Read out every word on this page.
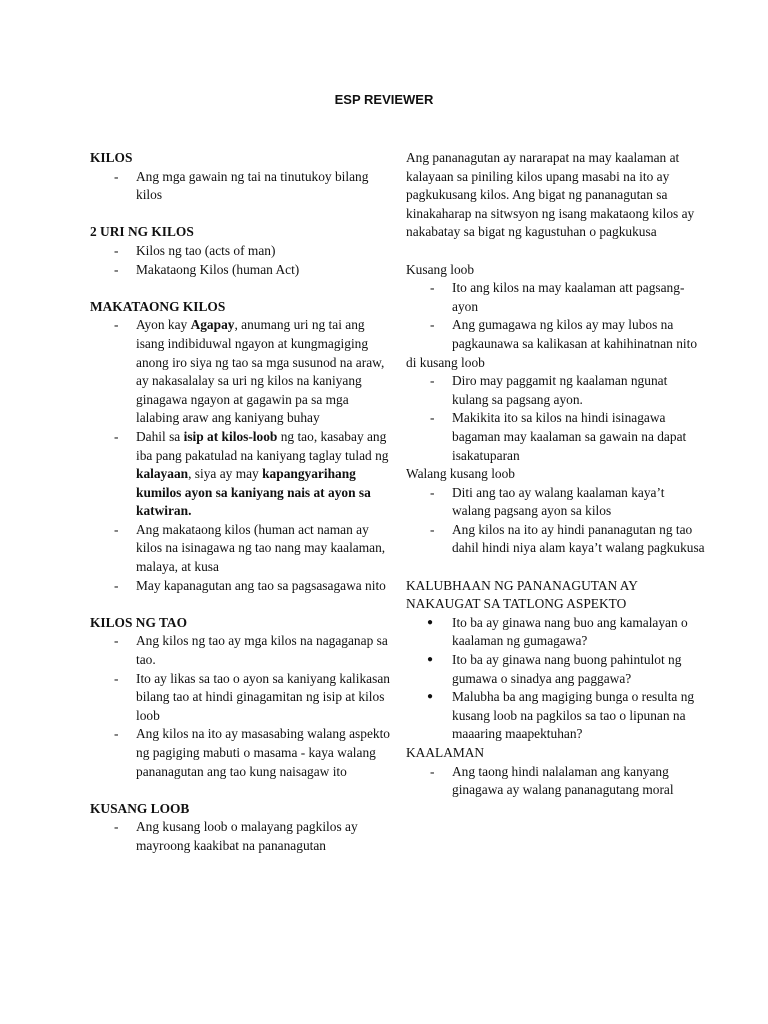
ESP REVIEWER

KILOS

- Ang mga gawain ng tai na tinutukoy bilang kilos

2 URI NG KILOS

- Kilos ng tao (acts of man)
- Makataong Kilos (human Act)

MAKATAONG KILOS

- Ayon kay Agapay, anumang uri ng tai ang isang indibiduwal ngayon at kungmagiging anong iro siya ng tao sa mga susunod na araw, ay nakasalalay sa uri ng kilos na kaniyang ginagawa ngayon at gagawin pa sa mga lalabing araw ang kaniyang buhay
- Dahil sa isip at kilos-loob ng tao, kasabay ang iba pang pakatulad na kaniyang taglay tulad ng kalayaan, siya ay may kapangyarihang kumilos ayon sa kaniyang nais at ayon sa katwiran.
- Ang makataong kilos (human act naman ay kilos na isinagawa ng tao nang may kaalaman, malaya, at kusa
- May kapanagutan ang tao sa pagsasagawa nito

KILOS NG TAO

- Ang kilos ng tao ay mga kilos na nagaganap sa tao.
- Ito ay likas sa tao o ayon sa kaniyang kalikasan bilang tao at hindi ginagamitan ng isip at kilos loob
- Ang kilos na ito ay masasabing walang aspekto ng pagiging mabuti o masama - kaya walang pananagutan ang tao kung naisagaw ito

KUSANG LOOB

- Ang kusang loob o malayang pagkilos ay mayroong kaakibat na pananagutan

Ang pananagutan ay nararapat na may kaalaman at kalayaan sa piniling kilos upang masabi na ito ay pagkukusang kilos. Ang bigat ng pananagutan sa kinakaharap na sitwsyon ng isang makataong kilos ay nakabatay sa bigat ng kagustuhan o pagkukusa

Kusang loob

- Ito ang kilos na may kaalaman att pagsang-ayon
- Ang gumagawa ng kilos ay may lubos na pagkaunawa sa kalikasan at kahihinatnan nito

di kusang loob

- Diro may paggamit ng kaalaman ngunat kulang sa pagsang ayon.
- Makikita ito sa kilos na hindi isinagawa bagaman may kaalaman sa gawain na dapat isakatuparan

Walang kusang loob

- Diti ang tao ay walang kaalaman kaya’t walang pagsang ayon sa kilos
- Ang kilos na ito ay hindi pananagutan ng tao dahil hindi niya alam kaya’t walang pagkukusa

KALUBHAAN NG PANANAGUTAN AY NAKAUGAT SA TATLONG ASPEKTO

● Ito ba ay ginawa nang buo ang kamalayan o kaalaman ng gumagawa?
● Ito ba ay ginawa nang buong pahintulot ng gumawa o sinadya ang paggawa?
● Malubha ba ang magiging bunga o resulta ng kusang loob na pagkilos sa tao o lipunan na maaaring maapektuhan?

KAALAMAN

- Ang taong hindi nalalaman ang kanyang ginagawa ay walang pananagutang moral
